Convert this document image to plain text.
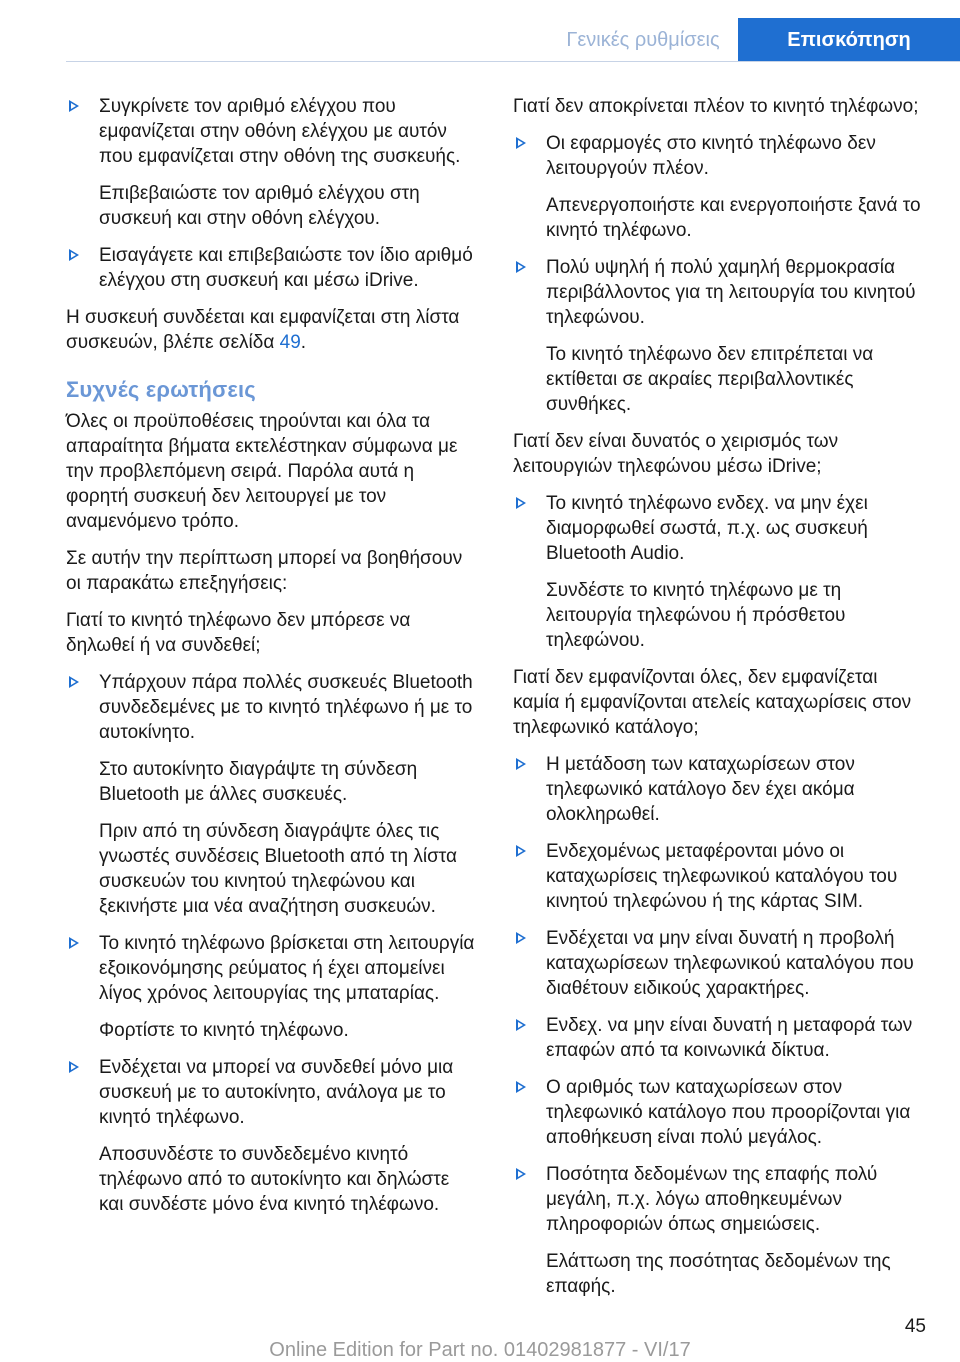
Γενικές ρυθμίσεις	Επισκόπηση

Συγκρίνετε τον αριθμό ελέγχου που εμφανίζεται στην οθόνη ελέγχου με αυτόν που εμφανίζεται στην οθόνη της συσκευής.

Επιβεβαιώστε τον αριθμό ελέγχου στη συσκευή και στην οθόνη ελέγχου.

Εισαγάγετε και επιβεβαιώστε τον ίδιο αριθμό ελέγχου στη συσκευή και μέσω iDrive.

Η συσκευή συνδέεται και εμφανίζεται στη λίστα συσκευών, βλέπε σελίδα 49.

Συχνές ερωτήσεις

Όλες οι προϋποθέσεις τηρούνται και όλα τα απαραίτητα βήματα εκτελέστηκαν σύμφωνα με την προβλεπόμενη σειρά. Παρόλα αυτά η φορητή συσκευή δεν λειτουργεί με τον αναμενόμενο τρόπο.

Σε αυτήν την περίπτωση μπορεί να βοηθήσουν οι παρακάτω επεξηγήσεις:

Γιατί το κινητό τηλέφωνο δεν μπόρεσε να δηλωθεί ή να συνδεθεί;

Υπάρχουν πάρα πολλές συσκευές Bluetooth συνδεδεμένες με το κινητό τηλέφωνο ή με το αυτοκίνητο.

Στο αυτοκίνητο διαγράψτε τη σύνδεση Bluetooth με άλλες συσκευές.

Πριν από τη σύνδεση διαγράψτε όλες τις γνωστές συνδέσεις Bluetooth από τη λίστα συσκευών του κινητού τηλεφώνου και ξεκινήστε μια νέα αναζήτηση συσκευών.

Το κινητό τηλέφωνο βρίσκεται στη λειτουργία εξοικονόμησης ρεύματος ή έχει απομείνει λίγος χρόνος λειτουργίας της μπαταρίας.

Φορτίστε το κινητό τηλέφωνο.

Ενδέχεται να μπορεί να συνδεθεί μόνο μια συσκευή με το αυτοκίνητο, ανάλογα με το κινητό τηλέφωνο.

Αποσυνδέστε το συνδεδεμένο κινητό τηλέφωνο από το αυτοκίνητο και δηλώστε και συνδέστε μόνο ένα κινητό τηλέφωνο.

Γιατί δεν αποκρίνεται πλέον το κινητό τηλέφωνο;

Οι εφαρμογές στο κινητό τηλέφωνο δεν λειτουργούν πλέον.

Απενεργοποιήστε και ενεργοποιήστε ξανά το κινητό τηλέφωνο.

Πολύ υψηλή ή πολύ χαμηλή θερμοκρασία περιβάλλοντος για τη λειτουργία του κινητού τηλεφώνου.

Το κινητό τηλέφωνο δεν επιτρέπεται να εκτίθεται σε ακραίες περιβαλλοντικές συνθήκες.

Γιατί δεν είναι δυνατός ο χειρισμός των λειτουργιών τηλεφώνου μέσω iDrive;

Το κινητό τηλέφωνο ενδεχ. να μην έχει διαμορφωθεί σωστά, π.χ. ως συσκευή Bluetooth Audio.

Συνδέστε το κινητό τηλέφωνο με τη λειτουργία τηλεφώνου ή πρόσθετου τηλεφώνου.

Γιατί δεν εμφανίζονται όλες, δεν εμφανίζεται καμία ή εμφανίζονται ατελείς καταχωρίσεις στον τηλεφωνικό κατάλογο;

Η μετάδοση των καταχωρίσεων στον τηλεφωνικό κατάλογο δεν έχει ακόμα ολοκληρωθεί.

Ενδεχομένως μεταφέρονται μόνο οι καταχωρίσεις τηλεφωνικού καταλόγου του κινητού τηλεφώνου ή της κάρτας SIM.

Ενδέχεται να μην είναι δυνατή η προβολή καταχωρίσεων τηλεφωνικού καταλόγου που διαθέτουν ειδικούς χαρακτήρες.

Ενδεχ. να μην είναι δυνατή η μεταφορά των επαφών από τα κοινωνικά δίκτυα.

Ο αριθμός των καταχωρίσεων στον τηλεφωνικό κατάλογο που προορίζονται για αποθήκευση είναι πολύ μεγάλος.

Ποσότητα δεδομένων της επαφής πολύ μεγάλη, π.χ. λόγω αποθηκευμένων πληροφοριών όπως σημειώσεις.

Ελάττωση της ποσότητας δεδομένων της επαφής.

45
Online Edition for Part no. 01402981877 - VI/17
